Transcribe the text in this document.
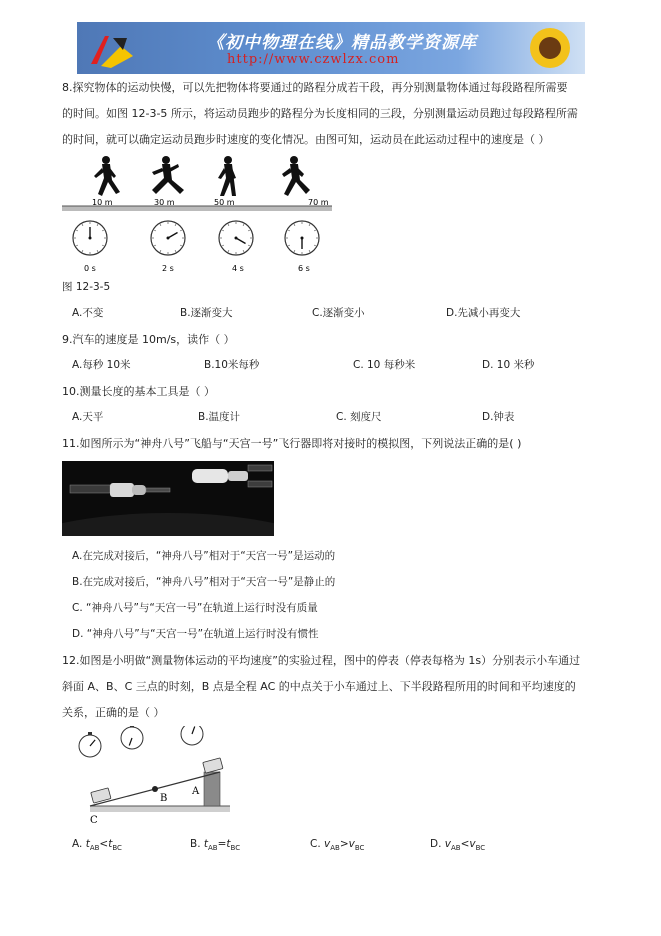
《初中物理在线》精品教学资源库
http://www.czwlzx.com
8.探究物体的运动快慢，可以先把物体将要通过的路程分成若干段，再分别测量物体通过每段路程所需要
的时间。如图 12-3-5 所示，将运动员跑步的路程分为长度相同的三段，分别测量运动员跑过每段路程所需
的时间，就可以确定运动员跑步时速度的变化情况。由图可知，运动员在此运动过程中的速度是（ ）
10 m	30 m	50 m	70 m
0 s	2 s	4 s	6 s
图 12-3-5
A.不变	B.逐渐变大	C.逐渐变小	D.先减小再变大
9.汽车的速度是 10m/s，读作（ ）
A.每秒 10米	B.10米每秒	C. 10 每秒米	D. 10 米秒
10.测量长度的基本工具是（ ）
A.天平	B.温度计	C. 刻度尺	D.钟表
11.如图所示为“神舟八号”飞船与“天宫一号”飞行器即将对接时的模拟图，下列说法正确的是( )
A.在完成对接后，“神舟八号”相对于“天宫一号”是运动的
B.在完成对接后，“神舟八号”相对于“天宫一号”是静止的
C. “神舟八号”与“天宫一号”在轨道上运行时没有质量
D. “神舟八号”与“天宫一号”在轨道上运行时没有惯性
12.如图是小明做“测量物体运动的平均速度”的实验过程，图中的停表（停表每格为 1s）分别表示小车通过
斜面 A、B、C 三点的时刻，B 点是全程 AC 的中点关于小车通过上、下半段路程所用的时间和平均速度的
关系，正确的是（ ）
B
A
C
A. $t_{AB}<t_{BC}$	B. $t_{AB}=t_{BC}$	C. $v_{AB}>v_{BC}$	D. $v_{AB}<v_{BC}$
